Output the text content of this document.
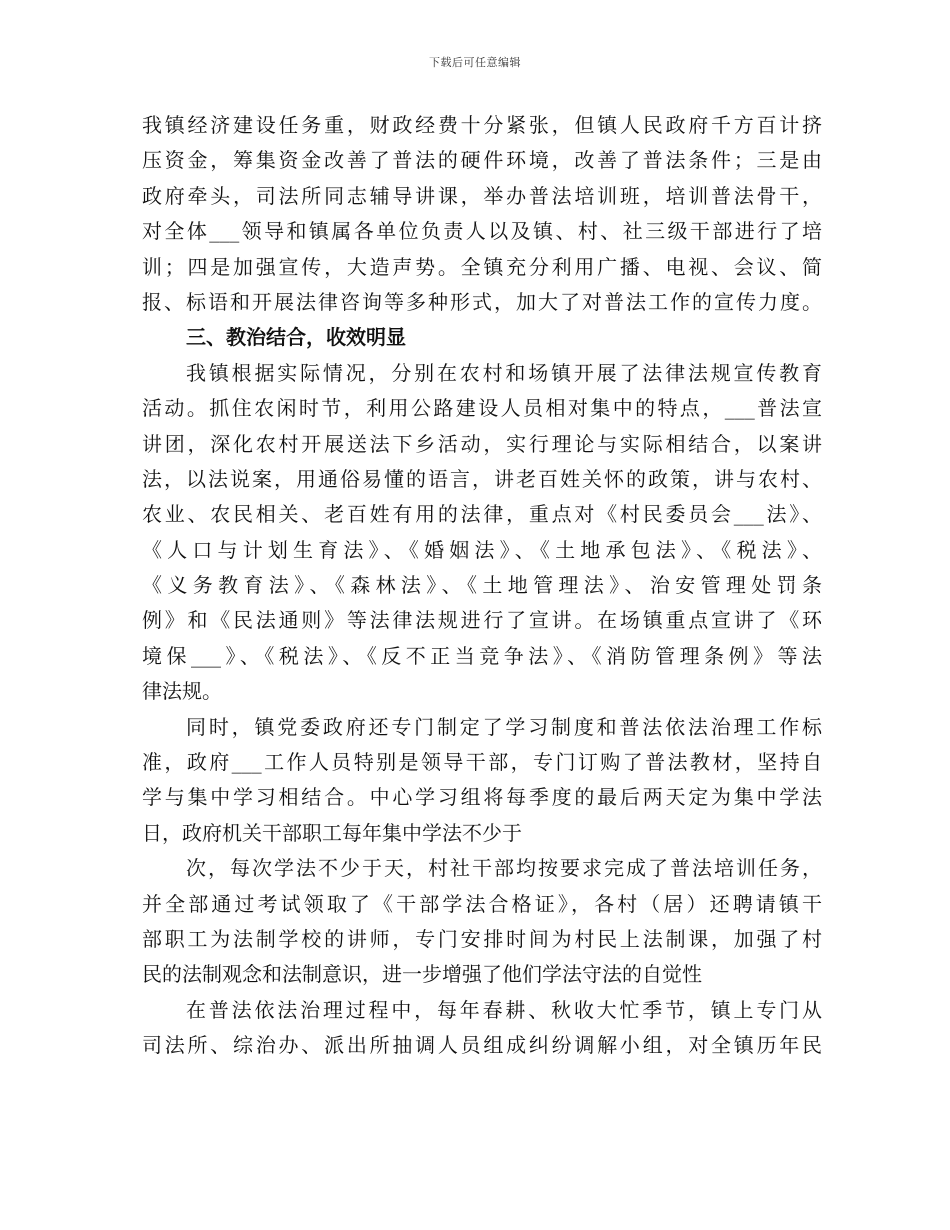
下载后可任意编辑
我镇经济建设任务重，财政经费十分紧张，但镇人民政府千方百计挤
压资金，筹集资金改善了普法的硬件环境，改善了普法条件；三是由
政府牵头，司法所同志辅导讲课，举办普法培训班，培训普法骨干，
对全体___领导和镇属各单位负责人以及镇、村、社三级干部进行了培
训；四是加强宣传，大造声势。全镇充分利用广播、电视、会议、简
报、标语和开展法律咨询等多种形式，加大了对普法工作的宣传力度。
三、教治结合，收效明显
我镇根据实际情况，分别在农村和场镇开展了法律法规宣传教育
活动。抓住农闲时节，利用公路建设人员相对集中的特点，___普法宣
讲团，深化农村开展送法下乡活动，实行理论与实际相结合，以案讲
法，以法说案，用通俗易懂的语言，讲老百姓关怀的政策，讲与农村、
农业、农民相关、老百姓有用的法律，重点对《村民委员会___法》、
《人口与计划生育法》、《婚姻法》、《土地承包法》、《税法》、
《义务教育法》、《森林法》、《土地管理法》、治安管理处罚条
例》和《民法通则》等法律法规进行了宣讲。在场镇重点宣讲了《环
境保___》、《税法》、《反不正当竞争法》、《消防管理条例》等法
律法规。
同时，镇党委政府还专门制定了学习制度和普法依法治理工作标
准，政府___工作人员特别是领导干部，专门订购了普法教材，坚持自
学与集中学习相结合。中心学习组将每季度的最后两天定为集中学法
日，政府机关干部职工每年集中学法不少于
次，每次学法不少于天，村社干部均按要求完成了普法培训任务，
并全部通过考试领取了《干部学法合格证》，各村（居）还聘请镇干
部职工为法制学校的讲师，专门安排时间为村民上法制课，加强了村
民的法制观念和法制意识，进一步增强了他们学法守法的自觉性
在普法依法治理过程中，每年春耕、秋收大忙季节，镇上专门从
司法所、综治办、派出所抽调人员组成纠纷调解小组，对全镇历年民
